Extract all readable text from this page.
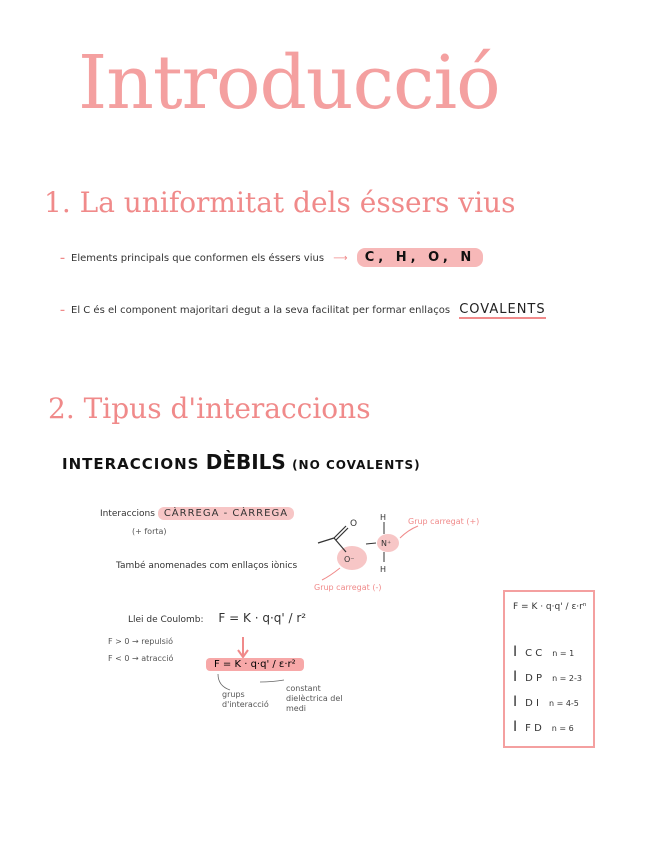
Introducció
1. La uniformitat dels éssers vius
– Elements principals que conformen els éssers vius ⟶ C, H, O, N
– El C és el component majoritari degut a la seva facilitat per formar enllaços COVALENTS
2. Tipus d'interaccions
INTERACCIONS DÈBILS (NO COVALENTS)
Interaccions CÀRREGA - CÀRREGA
(+ forta)
També anomenades com enllaços iònics
O
O⁻
N⁺
H
H
Grup carregat (+)
Grup carregat (-)
Llei de Coulomb: F = K · q·q' / r²
F > 0 → repulsió
F < 0 → atracció
F = K · q·q' / ε·r²
grups d'interacció
constant dielèctrica del medi
F = K · q·q' / ε·rⁿ
I C C n = 1
I D P n = 2-3
I D I n = 4-5
I F D n = 6
